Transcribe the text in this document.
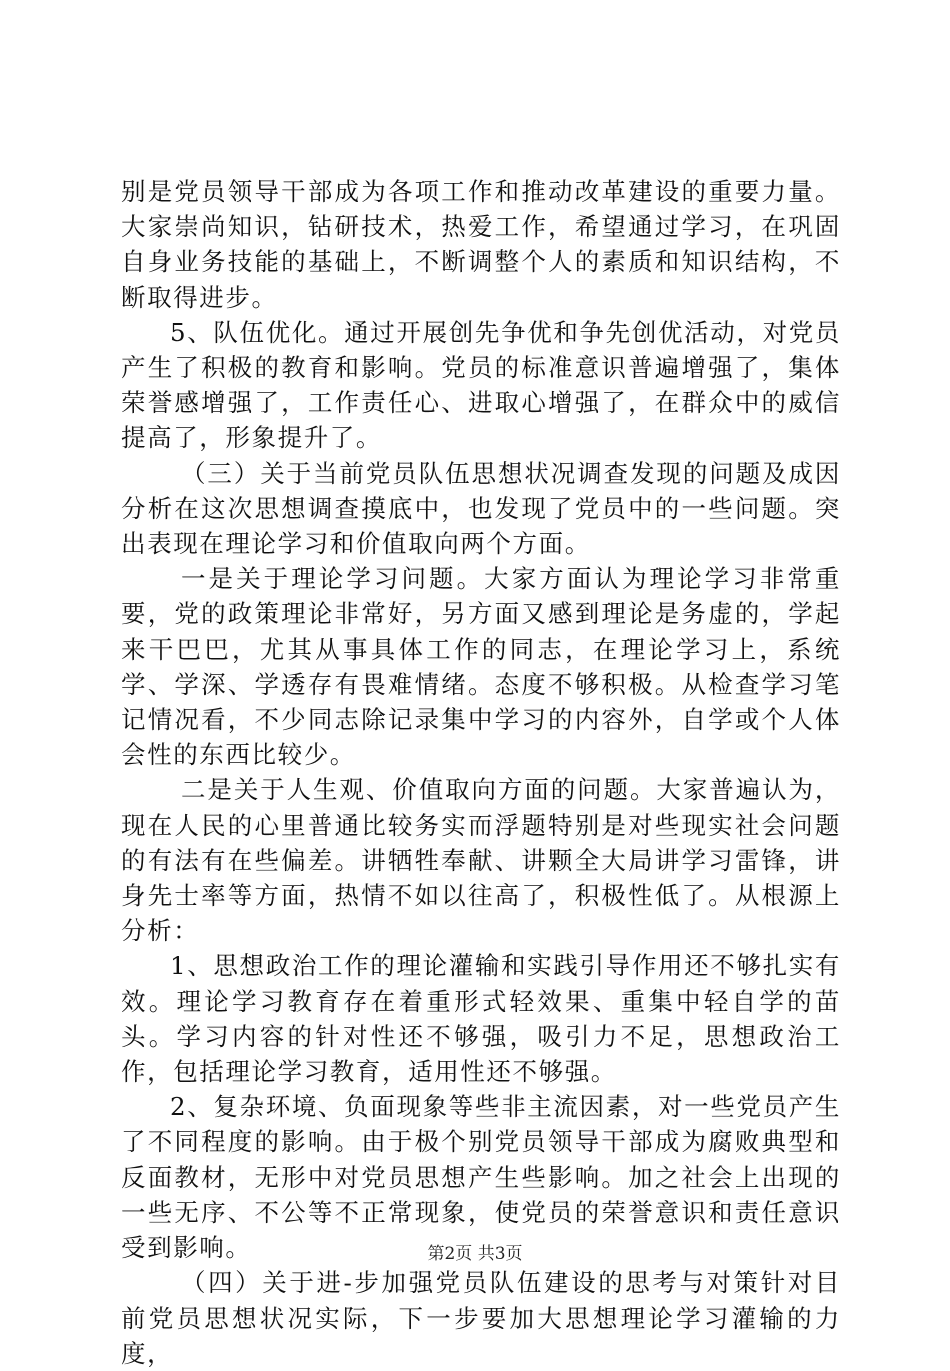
别是党员领导干部成为各项工作和推动改革建设的重要力量。大家崇尚知识，钻研技术，热爱工作，希望通过学习，在巩固自身业务技能的基础上，不断调整个人的素质和知识结构，不断取得进步。

5、队伍优化。通过开展创先争优和争先创优活动，对党员产生了积极的教育和影响。党员的标准意识普遍增强了，集体荣誉感增强了，工作责任心、进取心增强了，在群众中的威信提高了，形象提升了。

（三）关于当前党员队伍思想状况调查发现的问题及成因分析在这次思想调查摸底中，也发现了党员中的一些问题。突出表现在理论学习和价值取向两个方面。

一是关于理论学习问题。大家方面认为理论学习非常重要，党的政策理论非常好，另方面又感到理论是务虚的，学起来干巴巴，尤其从事具体工作的同志，在理论学习上，系统学、学深、学透存有畏难情绪。态度不够积极。从检查学习笔记情况看，不少同志除记录集中学习的内容外，自学或个人体会性的东西比较少。

二是关于人生观、价值取向方面的问题。大家普遍认为，现在人民的心里普通比较务实而浮题特别是对些现实社会问题的有法有在些偏差。讲牺牲奉献、讲颗全大局讲学习雷锋，讲身先士率等方面，热情不如以往高了，积极性低了。从根源上分析：

1、思想政治工作的理论灌输和实践引导作用还不够扎实有效。理论学习教育存在着重形式轻效果、重集中轻自学的苗头。学习内容的针对性还不够强，吸引力不足，思想政治工作，包括理论学习教育，适用性还不够强。

2、复杂环境、负面现象等些非主流因素，对一些党员产生了不同程度的影响。由于极个别党员领导干部成为腐败典型和反面教材，无形中对党员思想产生些影响。加之社会上出现的一些无序、不公等不正常现象，使党员的荣誉意识和责任意识受到影响。

（四）关于进-步加强党员队伍建设的思考与对策针对目前党员思想状况实际，下一步要加大思想理论学习灌输的力度，

第2页 共3页
